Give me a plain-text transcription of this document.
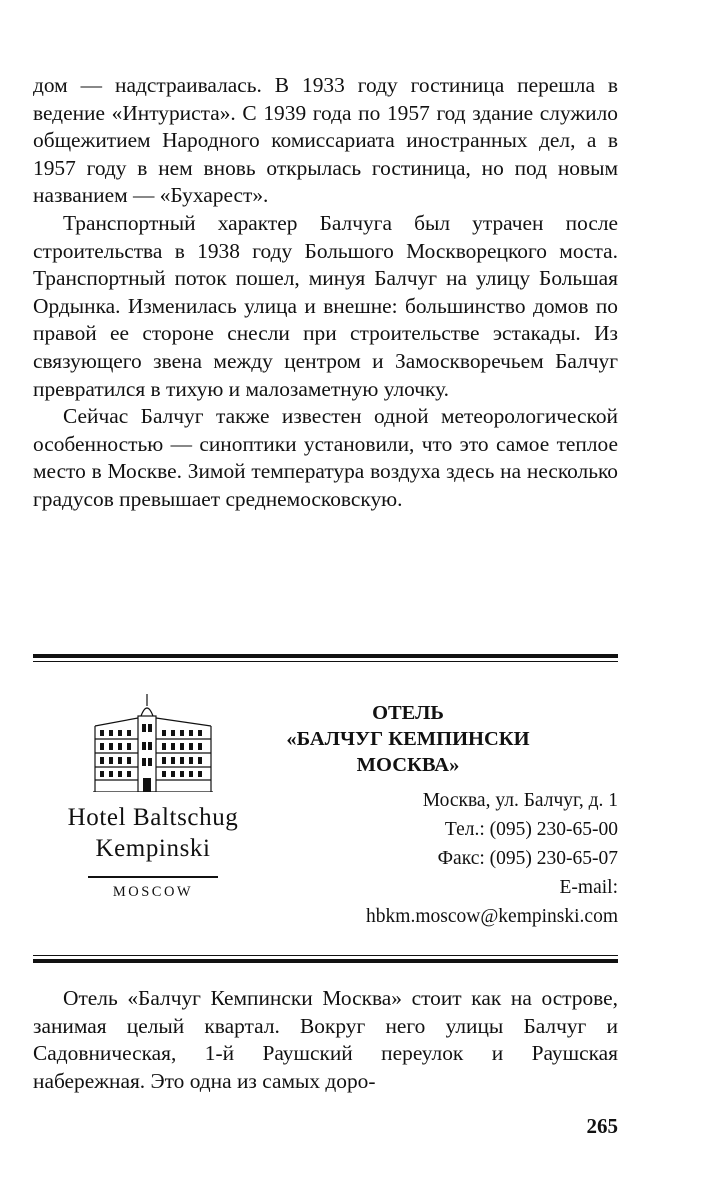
дом — надстраивалась. В 1933 году гостиница перешла в ведение «Интуриста». С 1939 года по 1957 год здание служило общежитием Народного комиссариата иностранных дел, а в 1957 году в нем вновь открылась гостиница, но под новым названием — «Бухарест».

Транспортный характер Балчуга был утрачен после строительства в 1938 году Большого Москворецкого моста. Транспортный поток пошел, минуя Балчуг на улицу Большая Ордынка. Изменилась улица и внешне: большинство домов по правой ее стороне снесли при строительстве эстакады. Из связующего звена между центром и Замоскворечьем Балчуг превратился в тихую и малозаметную улочку.

Сейчас Балчуг также известен одной метеорологической особенностью — синоптики установили, что это самое теплое место в Москве. Зимой температура воздуха здесь на несколько градусов превышает среднемосковскую.

Hotel Baltschug
Kempinski
MOSCOW
ОТЕЛЬ
«БАЛЧУГ КЕМПИНСКИ
МОСКВА»
Москва, ул. Балчуг, д. 1
Тел.: (095) 230-65-00
Факс: (095) 230-65-07
E-mail:
hbkm.moscow@kempinski.com

Отель «Балчуг Кемпински Москва» стоит как на острове, занимая целый квартал. Вокруг него улицы Балчуг и Садовническая, 1-й Раушский переулок и Раушская набережная. Это одна из самых доро-

265
